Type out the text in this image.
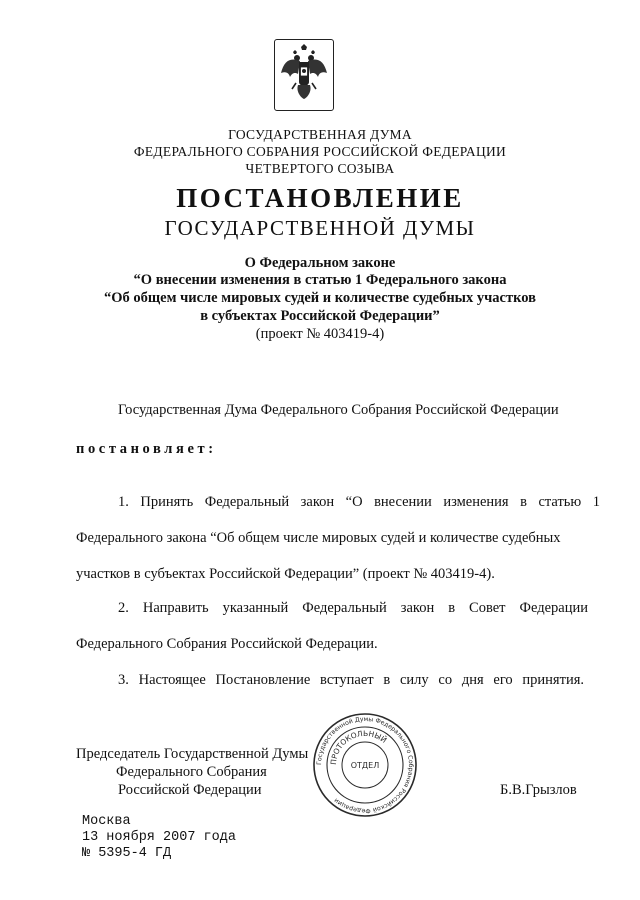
ГОСУДАРСТВЕННАЯ ДУМА
ФЕДЕРАЛЬНОГО СОБРАНИЯ РОССИЙСКОЙ ФЕДЕРАЦИИ
ЧЕТВЕРТОГО СОЗЫВА
ПОСТАНОВЛЕНИЕ
ГОСУДАРСТВЕННОЙ ДУМЫ
О Федеральном законе
“О внесении изменения в статью 1 Федерального закона
“Об общем числе мировых судей и количестве судебных участков
в субъектах Российской Федерации”
(проект № 403419-4)
Государственная Дума Федерального Собрания Российской Федерации
постановляет:
1. Принять Федеральный закон “О внесении изменения в статью 1
Федерального закона “Об общем числе мировых судей и количестве судебных
участков в субъектах Российской Федерации” (проект № 403419-4).
2. Направить указанный Федеральный закон в Совет Федерации
Федерального Собрания Российской Федерации.
3. Настоящее Постановление вступает в силу со дня его принятия.
Председатель Государственной Думы
Федерального Собрания
Российской Федерации	Б.В.Грызлов
Государственной Думы Федерального Собрания Российской Федерации
ПРОТОКОЛЬНЫЙ
ОТДЕЛ
Москва
13 ноября 2007 года
№ 5395-4 ГД
